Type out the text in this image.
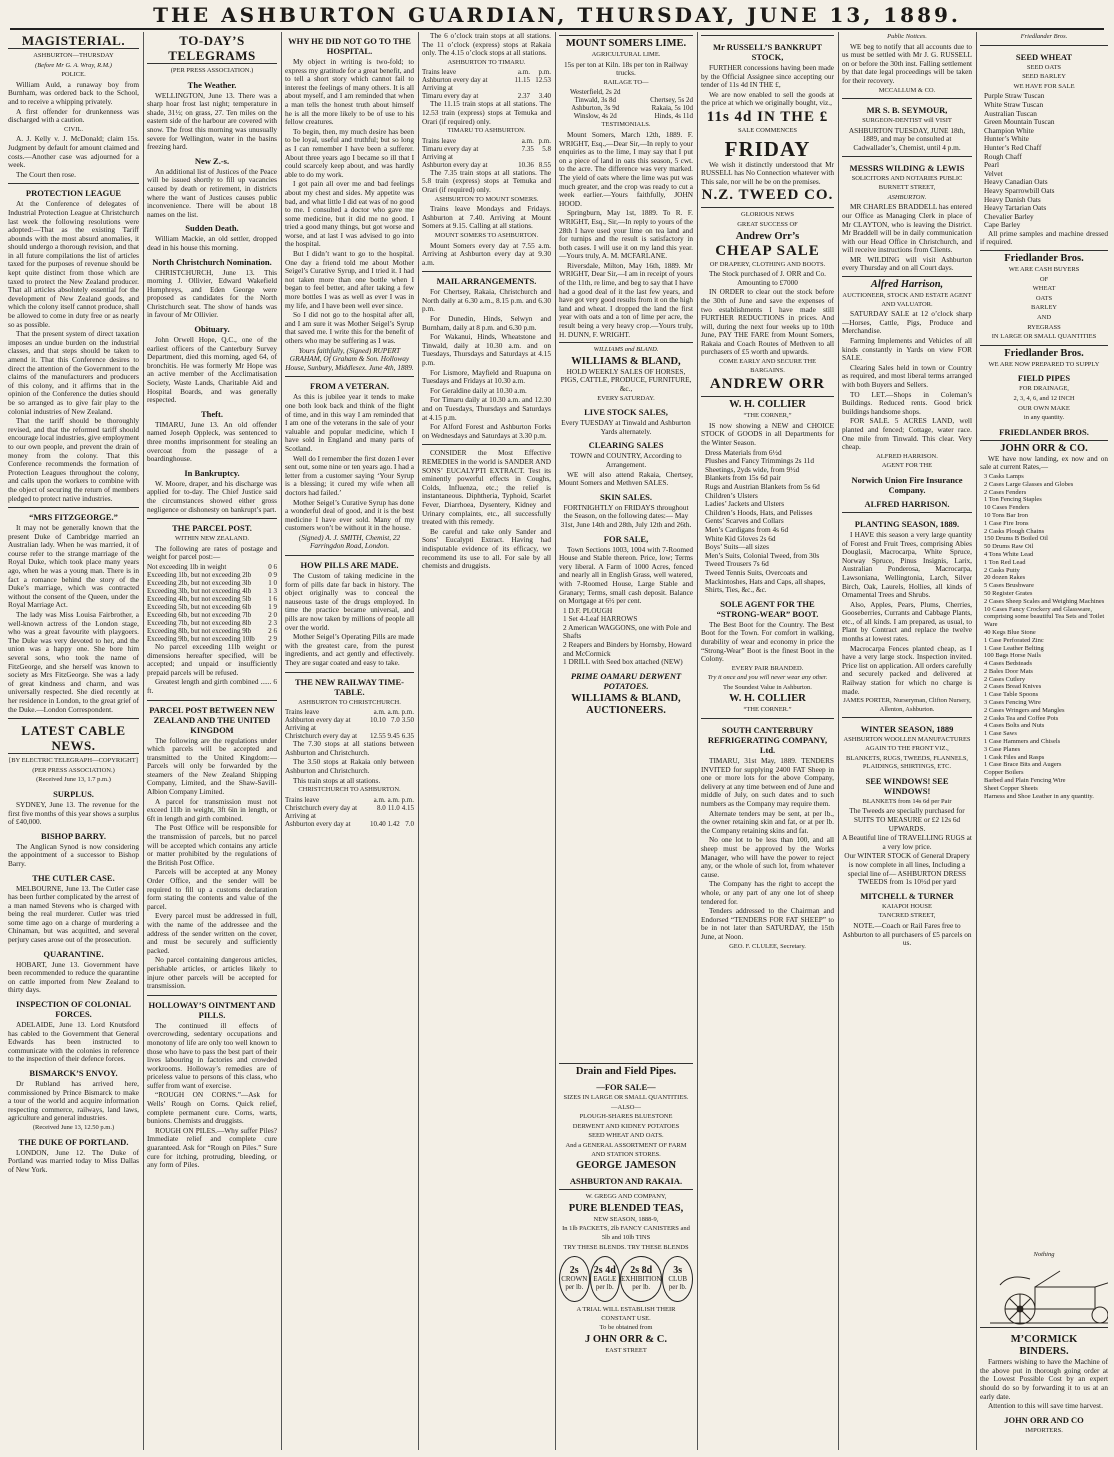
THE ASHBURTON GUARDIAN, THURSDAY, JUNE 13, 1889.
MAGISTERIAL.
ASHBURTON—THURSDAY
(Before Mr G. A. Wray, R.M.)
POLICE.

William Auld, a runaway boy from Burnham, was ordered back to the School, and to receive a whipping privately.

A first offender for drunkenness was discharged with a caution.

CIVIL.

A. J. Kelly v. J. McDonald; claim 15s. Judgment by default for amount claimed and costs.—Another case was adjourned for a week.

The Court then rose.

PROTECTION LEAGUE

At the Conference of delegates of Industrial Protection League at Christchurch last week the following resolutions were adopted:—That as the existing Tariff abounds with the most absurd anomalies, it should undergo a thorough revision, and that in all future compilations the list of articles taxed for the purposes of revenue should be kept quite distinct from those which are taxed to protect the New Zealand producer. That all articles absolutely essential for the development of New Zealand goods, and which the colony itself cannot produce, shall be allowed to come in duty free or as nearly so as possible.

That the present system of direct taxation imposes an undue burden on the industrial classes, and that steps should be taken to amend it. That this Conference desires to direct the attention of the Government to the claims of the manufacturers and producers of this colony, and it affirms that in the opinion of the Conference the duties should be so arranged as to give fair play to the colonial industries of New Zealand.

That the tariff should be thoroughly revised, and that the reformed tariff should encourage local industries, give employment to our own people, and prevent the drain of money from the colony. That this Conference recommends the formation of Protection Leagues throughout the colony, and calls upon the workers to combine with the object of securing the return of members pledged to protect native industries.

“MRS FITZGEORGE.”

It may not be generally known that the present Duke of Cambridge married an Australian lady. When he was married, it of course refer to the strange marriage of the Royal Duke, which took place many years ago, when he was a young man. There is in fact a romance behind the story of the Duke’s marriage, which was contracted without the consent of the Queen, under the Royal Marriage Act.

The lady was Miss Louisa Fairbrother, a well-known actress of the London stage, who was a great favourite with playgoers. The Duke was very devoted to her, and the union was a happy one. She bore him several sons, who took the name of FitzGeorge, and she herself was known to society as Mrs FitzGeorge. She was a lady of great kindness and charm, and was universally respected. She died recently at her residence in London, to the great grief of the Duke.—London Correspondent.

LATEST CABLE NEWS.
[BY ELECTRIC TELEGRAPH—COPYRIGHT]
(PER PRESS ASSOCIATION.)
(Received June 13, 1.7 p.m.)
SURPLUS.

SYDNEY, June 13. The revenue for the first five months of this year shows a surplus of £40,000.

BISHOP BARRY.

The Anglican Synod is now considering the appointment of a successor to Bishop Barry.

THE CUTLER CASE.

MELBOURNE, June 13. The Cutler case has been further complicated by the arrest of a man named Stevens who is charged with being the real murderer. Cutler was tried some time ago on a charge of murdering a Chinaman, but was acquitted, and several perjury cases arose out of the prosecution.

QUARANTINE.

HOBART, June 13. Government have been recommended to reduce the quarantine on cattle imported from New Zealand to thirty days.

INSPECTION OF COLONIAL FORCES.

ADELAIDE, June 13. Lord Knutsford has cabled to the Government that General Edwards has been instructed to communicate with the colonies in reference to the inspection of their defence forces.

BISMARCK’S ENVOY.

Dr Rubland has arrived here, commissioned by Prince Bismarck to make a tour of the world and acquire information respecting commerce, railways, land laws, agriculture and general industries.

(Received June 13, 12.50 p.m.)
THE DUKE OF PORTLAND.

LONDON, June 12. The Duke of Portland was married today to Miss Dallas of New York.

TO-DAY’S TELEGRAMS
(PER PRESS ASSOCIATION.)
The Weather.

WELLINGTON, June 13. There was a sharp hoar frost last night; temperature in shade, 31½; on grass, 27. Ten miles on the eastern side of the harbour are covered with snow. The frost this morning was unusually severe for Wellington, water in the basins freezing hard.

New Z.-s.

An additional list of Justices of the Peace will be issued shortly to fill up vacancies caused by death or retirement, in districts where the want of Justices causes public inconvenience. There will be about 18 names on the list.

Sudden Death.

William Mackie, an old settler, dropped dead in his house this morning.

North Christchurch Nomination.

CHRISTCHURCH, June 13. This morning J. Ollivier, Edward Wakefield Humphreys, and Eden George were proposed as candidates for the North Christchurch seat. The show of hands was in favour of Mr Ollivier.

Obituary.

John Orwell Hope, Q.C., one of the earliest officers of the Canterbury Survey Department, died this morning, aged 64, of bronchitis. He was formerly Mr Hope was an active member of the Acclimatisation Society, Waste Lands, Charitable Aid and Hospital Boards, and was generally respected.

Theft.

TIMARU, June 13. An old offender named Joseph Oppleck, was sentenced to three months imprisonment for stealing an overcoat from the passage of a boardinghouse.

In Bankruptcy.

W. Moore, draper, and his discharge was applied for to-day. The Chief Justice said the circumstances showed either gross negligence or dishonesty on bankrupt’s part.

THE PARCEL POST.
WITHIN NEW ZEALAND.

The following are rates of postage and weight for parcel post:—

Not exceeding 1lb in weight	0 6
Exceeding 1lb, but not exceeding 2lb	0 9
Exceeding 2lb, but not exceeding 3lb	1 0
Exceeding 3lb, but not exceeding 4lb	1 3
Exceeding 4lb, but not exceeding 5lb	1 6
Exceeding 5lb, but not exceeding 6lb	1 9
Exceeding 6lb, but not exceeding 7lb	2 0
Exceeding 7lb, but not exceeding 8lb	2 3
Exceeding 8lb, but not exceeding 9lb	2 6
Exceeding 9lb, but not exceeding 10lb	2 9

No parcel exceeding 11lb weight or dimensions hereafter specified, will be accepted; and unpaid or insufficiently prepaid parcels will be refused.

Greatest length and girth combined ...... 6 ft.

PARCEL POST BETWEEN NEW ZEALAND AND THE UNITED KINGDOM

The following are the regulations under which parcels will be accepted and transmitted to the United Kingdom:— Parcels will only be forwarded by the steamers of the New Zealand Shipping Company, Limited, and the Shaw-Savill-Albion Company Limited.

A parcel for transmission must not exceed 11lb in weight, 3ft 6in in length, or 6ft in length and girth combined.

The Post Office will be responsible for the transmission of parcels, but no parcel will be accepted which contains any article or matter prohibited by the regulations of the British Post Office.

Parcels will be accepted at any Money Order Office, and the sender will be required to fill up a customs declaration form stating the contents and value of the parcel.

Every parcel must be addressed in full, with the name of the addressee and the address of the sender written on the cover, and must be securely and sufficiently packed.

No parcel containing dangerous articles, perishable articles, or articles likely to injure other parcels will be accepted for transmission.

HOLLOWAY’S OINTMENT AND PILLS.

The continued ill effects of overcrowding, sedentary occupations and monotony of life are only too well known to those who have to pass the best part of their lives labouring in factories and crowded workrooms. Holloway’s remedies are of priceless value to persons of this class, who suffer from want of exercise.

“ROUGH ON CORNS.”—Ask for Wells’ Rough on Corns. Quick relief, complete permanent cure. Corns, warts, bunions. Chemists and druggists.

ROUGH ON PILES.—Why suffer Piles? Immediate relief and complete cure guaranteed. Ask for “Rough on Piles.” Sure cure for itching, protruding, bleeding, or any form of Piles.

WHY HE DID NOT GO TO THE HOSPITAL.

My object in writing is two-fold; to express my gratitude for a great benefit, and to tell a short story which cannot fail to interest the feelings of many others. It is all about myself, and I am reminded that when a man tells the honest truth about himself he is all the more likely to be of use to his fellow creatures.

To begin, then, my much desire has been to be loyal, useful and truthful; but so long as I can remember I have been a sufferer. About three years ago I became so ill that I could scarcely keep about, and was hardly able to do my work.

I got pain all over me and bad feelings about my chest and sides. My appetite was bad, and what little I did eat was of no good to me. I consulted a doctor who gave me some medicine, but it did me no good. I tried a good many things, but got worse and worse, and at last I was advised to go into the hospital.

But I didn’t want to go to the hospital. One day a friend told me about Mother Seigel’s Curative Syrup, and I tried it. I had not taken more than one bottle when I began to feel better, and after taking a few more bottles I was as well as ever I was in my life, and I have been well ever since.

So I did not go to the hospital after all, and I am sure it was Mother Seigel’s Syrup that saved me. I write this for the benefit of others who may be suffering as I was.

Yours faithfully, (Signed) RUPERT GRAHAM, Of Graham & Son. Holloway House, Sunbury, Middlesex. June 4th, 1889.

FROM A VETERAN.

As this is jubilee year it tends to make one both look back and think of the flight of time, and in this way I am reminded that I am one of the veterans in the sale of your valuable and popular medicine, which I have sold in England and many parts of Scotland.

Well do I remember the first dozen I ever sent out, some nine or ten years ago. I had a letter from a customer saying ‘Your Syrup is a blessing; it cured my wife when all doctors had failed.’

Mother Seigel’s Curative Syrup has done a wonderful deal of good, and it is the best medicine I have ever sold. Many of my customers won’t be without it in the house.

(Signed) A. J. SMITH, Chemist, 22 Farringdon Road, London.

HOW PILLS ARE MADE.

The Custom of taking medicine in the form of pills date far back in history. The object originally was to conceal the nauseous taste of the drugs employed. In time the practice became universal, and pills are now taken by millions of people all over the world.

Mother Seigel’s Operating Pills are made with the greatest care, from the purest ingredients, and act gently and effectively. They are sugar coated and easy to take.

THE NEW RAILWAY TIME-TABLE.
ASHBURTON TO CHRISTCHURCH.
Trains leave	a.m.	a.m.	p.m.
Ashburton every day at	10.10	7.0	3.50
Arriving at			
Christchurch every day at	12.55	9.45	6.35

The 7.30 stops at all stations between Ashburton and Christchurch.

The 3.50 stops at Rakaia only between Ashburton and Christchurch.

This train stops at all stations.

CHRISTCHURCH TO ASHBURTON.
Trains leave	a.m.	a.m.	p.m.
Christchurch every day at	8.0	11.0	4.15
Arriving at			
Ashburton every day at	10.40	1.42	7.0

The 6 o’clock train stops at all stations. The 11 o’clock (express) stops at Rakaia only. The 4.15 o’clock stops at all stations.

ASHBURTON TO TIMARU.
Trains leave	a.m.	p.m.
Ashburton every day at	11.15	12.53
Arriving at		
Timaru every day at	2.37	3.40

The 11.15 train stops at all stations. The 12.53 train (express) stops at Temuka and Orari (if required) only.

TIMARU TO ASHBURTON.
Trains leave	a.m.	p.m.
Timaru every day at	7.35	5.8
Arriving at		
Ashburton every day at	10.36	8.55

The 7.35 train stops at all stations. The 5.8 train (express) stops at Temuka and Orari (if required) only.

ASHBURTON TO MOUNT SOMERS.

Trains leave Mondays and Fridays. Ashburton at 7.40. Arriving at Mount Somers at 9.15. Calling at all stations.

MOUNT SOMERS TO ASHBURTON.

Mount Somers every day at 7.55 a.m. Arriving at Ashburton every day at 9.30 a.m.

MAIL ARRANGEMENTS.

For Chertsey, Rakaia, Christchurch and North daily at 6.30 a.m., 8.15 p.m. and 6.30 p.m.

For Dunedin, Hinds, Selwyn and Burnham, daily at 8 p.m. and 6.30 p.m.

For Wakanui, Hinds, Wheatstone and Tinwald, daily at 10.30 a.m. and on Tuesdays, Thursdays and Saturdays at 4.15 p.m.

For Lismore, Mayfield and Ruapuna on Tuesdays and Fridays at 10.30 a.m.

For Geraldine daily at 10.30 a.m.

For Timaru daily at 10.30 a.m. and 12.30 and on Tuesdays, Thursdays and Saturdays at 4.15 p.m.

For Alford Forest and Ashburton Forks on Wednesdays and Saturdays at 3.30 p.m.

CONSIDER the Most Effective REMEDIES in the world is SANDER AND SONS’ EUCALYPTI EXTRACT. Test its eminently powerful effects in Coughs, Colds, Influenza, etc.; the relief is instantaneous. Diphtheria, Typhoid, Scarlet Fever, Diarrhoea, Dysentery, Kidney and Urinary complaints, etc., all successfully treated with this remedy.

Be careful and take only Sander and Sons’ Eucalypti Extract. Having had indisputable evidence of its efficacy, we recommend its use to all. For sale by all chemists and druggists.

MOUNT SOMERS LIME.
AGRICULTURAL LIME.

15s per ton at Kiln. 18s per ton in Railway trucks.

RAILAGE TO—
Westerfield, 2s 2d	
Tinwald, 3s 8d	Chertsey, 5s 2d
Ashburton, 3s 9d	Rakaia, 5s 10d
Winslow, 4s 2d	Hinds, 4s 11d
TESTIMONIALS.

Mount Somers, March 12th, 1889. F. WRIGHT, Esq.,—Dear Sir,—In reply to your enquiries as to the lime, I may say that I put on a piece of land in oats this season, 5 cwt. to the acre. The difference was very marked. The yield of oats where the lime was put was much greater, and the crop was ready to cut a week earlier.—Yours faithfully, JOHN HOOD.

Springburn, May 1st, 1889. To R. F. WRIGHT, Esq., Sir,—In reply to yours of the 28th I have used your lime on tea land and for turnips and the result is satisfactory in both cases. I will use it on my land this year.—Yours truly, A. M. MCFARLANE.

Riversdale, Milton, May 16th, 1889. Mr WRIGHT, Dear Sir,—I am in receipt of yours of the 11th, re lime, and beg to say that I have had a good deal of it the last few years, and have got very good results from it on the high land and wheat. I dropped the land the first year with oats and a ton of lime per acre, the result being a very heavy crop.—Yours truly, H. DUNN, F. WRIGHT.

WILLIAMS and BLAND.
WILLIAMS & BLAND,

HOLD WEEKLY SALES OF HORSES, PIGS, CATTLE, PRODUCE, FURNITURE, &c.,

EVERY SATURDAY.
LIVE STOCK SALES,

Every TUESDAY at Tinwald and Ashburton Yards alternately.

CLEARING SALES

TOWN and COUNTRY, According to Arrangement.

WE will also attend Rakaia, Chertsey, Mount Somers and Methven SALES.

SKIN SALES.

FORTNIGHTLY on FRIDAYS throughout the Season, on the following dates:— May 31st, June 14th and 28th, July 12th and 26th.

FOR SALE,

Town Sections 1003, 1004 with 7-Roomed House and Stable thereon. Price, low; Terms very liberal. A Farm of 1000 Acres, fenced and nearly all in English Grass, well watered, with 7-Roomed House, Large Stable and Granary; Terms, small cash deposit. Balance on Mortgage at 6½ per cent.

1 D.F. PLOUGH
1 Set 4-Leaf HARROWS
2 American WAGGONS, one with Pole and Shafts
2 Reapers and Binders by Hornsby, Howard and McCormick
1 DRILL with Seed box attached (NEW)
PRIME OAMARU DERWENT POTATOES.
WILLIAMS & BLAND, AUCTIONEERS.
Mr RUSSELL’S BANKRUPT STOCK,

FURTHER concessions having been made by the Official Assignee since accepting our tender of 11s 4d IN THE £,

We are now enabled to sell the goods at the price at which we originally bought, viz.,

11s 4d IN THE £
SALE COMMENCES
FRIDAY

We wish it distinctly understood that Mr RUSSELL has No Connection whatever with This sale, nor will he be on the premises.

N.Z. TWEED CO.
GLORIOUS NEWS
GREAT SUCCESS OF
Andrew Orr’s
CHEAP SALE
OF DRAPERY, CLOTHING AND BOOTS.

The Stock purchased of J. ORR and Co. Amounting to £7000

IN ORDER to clear out the stock before the 30th of June and save the expenses of two establishments I have made still FURTHER REDUCTIONS in prices. And will, during the next four weeks up to 10th June, PAY THE FARE from Mount Somers, Rakaia and Coach Routes of Methven to all purchasers of £5 worth and upwards.

COME EARLY AND SECURE THE BARGAINS.
ANDREW ORR
W. H. COLLIER
“THE CORNER,”

IS now showing a NEW and CHOICE STOCK of GOODS in all Departments for the Winter Season.

Dress Materials from 6½d
Plushes and Fancy Trimmings 2s 11d
Sheetings, 2yds wide, from 9½d
Blankets from 15s 6d pair
Rugs and Austrian Blankets from 5s 6d
Children’s Ulsters
Ladies’ Jackets and Ulsters
Children’s Hoods, Hats, and Pelisses
Gents’ Scarves and Collars
Men’s Cardigans from 4s 6d
White Kid Gloves 2s 6d
Boys’ Suits—all sizes
Men’s Suits, Colonial Tweed, from 30s
Tweed Trousers 7s 6d
Tweed Tennis Suits, Overcoats and Mackintoshes, Hats and Caps, all shapes, Shirts, Ties, &c., &c.
SOLE AGENT FOR THE “STRONG-WEAR” BOOT.

The Best Boot for the Country. The Best Boot for the Town. For comfort in walking, durability of wear and economy in price the “Strong-Wear” Boot is the finest Boot in the Colony.

EVERY PAIR BRANDED.
Try it once and you will never wear any other.
The Soundest Value in Ashburton.
W. H. COLLIER
“THE CORNER.”
SOUTH CANTERBURY REFRIGERATING COMPANY, Ltd.

TIMARU, 31st May, 1889. TENDERS INVITED for supplying 2400 FAT Sheep in one or more lots for the above Company, delivery at any time between end of June and middle of July, on such dates and to such numbers as the Company may require them.

Alternate tenders may be sent, at per lb., the owner retaining skin and fat, or at per lb. the Company retaining skins and fat.

No one lot to be less than 100, and all sheep must be approved by the Works Manager, who will have the power to reject any, or the whole of such lot, from whatever cause.

The Company has the right to accept the whole, or any part of any one lot of sheep tendered for.

Tenders addressed to the Chairman and Endorsed “TENDERS FOR FAT SHEEP” to be in not later than SATURDAY, the 15th June, at Noon.

GEO. F. CLULEE, Secretary.
Public Notices.

WE beg to notify that all accounts due to us must be settled with Mr J. G. RUSSELL on or before the 30th inst. Falling settlement by that date legal proceedings will be taken for their recovery.

MCCALLUM & CO.
MR S. B. SEYMOUR,
SURGEON-DENTIST will VISIT

ASHBURTON TUESDAY, JUNE 18th, 1889, and may be consulted at Cadwallader’s, Chemist, until 4 p.m.

MESSRS WILDING & LEWIS
SOLICITORS AND NOTARIES PUBLIC
BURNETT STREET,
ASHBURTON.

MR CHARLES BRADDELL has entered our Office as Managing Clerk in place of Mr CLAYTON, who is leaving the District. Mr Braddell will be in daily communication with our Head Office in Christchurch, and will receive instructions from Clients.

MR WILDING will visit Ashburton every Thursday and on all Court days.

Alfred Harrison,
AUCTIONEER, STOCK AND ESTATE AGENT AND VALUATOR.

SATURDAY SALE at 12 o’clock sharp —Horses, Cattle, Pigs, Produce and Merchandise.

Farming Implements and Vehicles of all kinds constantly in Yards on view FOR SALE.

Clearing Sales held in town or Country as required, and most liberal terms arranged with both Buyers and Sellers.

TO LET.—Shops in Coleman’s Buildings. Reduced rents. Good brick buildings handsome shops.

FOR SALE. 5 ACRES LAND, well planted and fenced; Cottage, water race. One mile from Tinwald. This clear. Very cheap.

ALFRED HARRISON.
AGENT FOR THE
Norwich Union Fire Insurance Company.
ALFRED HARRISON.
PLANTING SEASON, 1889.

I HAVE this season a very large quantity of Forest and Fruit Trees, comprising Abies Douglasii, Macrocarpa, White Spruce, Norway Spruce, Pinus Insignis, Larix, Australian Ponderosa, Macrocarpa, Lawsoniana, Wellingtonia, Larch, Silver Birch, Oak, Laurels, Hollies, all kinds of Ornamental Trees and Shrubs.

Also, Apples, Pears, Plums, Cherries, Gooseberries, Currants and Cabbage Plants, etc., of all kinds. I am prepared, as usual, to Plant by Contract and replace the twelve months at lowest rates.

Macrocarpa Fences planted cheap, as I have a very large stock. Inspection invited. Price list on application. All orders carefully and securely packed and delivered at Railway station for which no charge is made.

JAMES PORTER, Nurseryman, Clifton Nursery, Allenton, Ashburton.
WINTER SEASON, 1889
ASHBURTON WOOLLEN MANUFACTURES AGAIN TO THE FRONT VIZ.,
BLANKETS, RUGS, TWEEDS, FLANNELS, PLAIDINGS, SHIRTINGS, ETC.
SEE WINDOWS! SEE WINDOWS!
BLANKETS from 14s 6d per Pair

The Tweeds are specially purchased for SUITS TO MEASURE or £2 12s 6d UPWARDS.

A Beautiful line of TRAVELLING RUGS at a very low price.

Our WINTER STOCK of General Drapery is now complete in all lines, Including a special line of— ASHBURTON DRESS TWEEDS from 1s 10½d per yard

MITCHELL & TURNER
KAIAPOI HOUSE
TANCRED STREET,

NOTE.—Coach or Rail Fares free to Ashburton to all purchasers of £5 parcels on us.

Friedlander Bros.
SEED WHEAT
SEED OATS
SEED BARLEY
WE HAVE FOR SALE
Purple Straw Tuscan
White Straw Tuscan
Australian Tuscan
Green Mountain Tuscan
Champion White
Hunter’s White
Hunter’s Red Chaff
Rough Chaff
Pearl
Velvet
Heavy Canadian Oats
Heavy Sparrowbill Oats
Heavy Danish Oats
Heavy Tartarian Oats
Chevalier Barley
Cape Barley

All prime samples and machine dressed if required.

Friedlander Bros.
WE ARE CASH BUYERS
OF
WHEAT
OATS
BARLEY
AND
RYEGRASS
IN LARGE OR SMALL QUANTITIES
Friedlander Bros.
WE ARE NOW PREPARED TO SUPPLY
FIELD PIPES
FOR DRAINAGE,
2, 3, 4, 6, and 12 INCH
OUR OWN MAKE
in any quantity.
FRIEDLANDER BROS.
JOHN ORR & CO.

WE have now landing, ex now and on sale at current Rates,—

3 Casks Lamps
2 Cases Large Glasses and Globes
2 Cases Fenders
1 Ton Fencing Staples
10 Cases Fenders
10 Tons Bar Iron
1 Case Fire Irons
2 Casks Plough Chains
150 Drums B Boiled Oil
50 Drums Raw Oil
4 Tons White Lead
1 Ton Red Lead
2 Casks Putty
20 dozen Rakes
5 Cases Brushware
50 Register Grates
2 Cases Sheep Scales and Weighing Machines
10 Cases Fancy Crockery and Glassware, comprising some beautiful Tea Sets and Toilet Ware
40 Kegs Blue Stone
1 Case Perforated Zinc
1 Case Leather Belting
100 Bags Horse Nails
4 Cases Bedsteads
2 Bales Door Mats
2 Cases Cutlery
2 Cases Bread Knives
1 Case Table Spoons
3 Cases Fencing Wire
2 Cases Wringers and Mangles
2 Casks Tea and Coffee Pots
4 Cases Bolts and Nuts
1 Case Saws
1 Case Hammers and Chisels
3 Case Planes
1 Cask Files and Rasps
1 Case Brace Bits and Augers
Copper Boilers
Barbed and Plain Fencing Wire
Sheet Copper Sheets
Harness and Shoe Leather in any quantity.
Drain and Field Pipes.
—FOR SALE—
SIZES IN LARGE OR SMALL QUANTITIES.
—ALSO—
PLOUGH-SHARES BLUESTONE
DERWENT AND KIDNEY POTATOES
SEED WHEAT AND OATS.
And a GENERAL ASSORTMENT OF FARM AND STATION STORES.
GEORGE JAMESON
ASHBURTON AND RAKAIA.
W. GREGG AND COMPANY,
PURE BLENDED TEAS,
NEW SEASON, 1888-9,
In 1lb PACKETS, 2lb FANCY CANISTERS and 5lb and 10lb TINS
TRY THESE BLENDS. TRY THESE BLENDS
2s
CROWN
per lb.
2s 4d
EAGLE
per lb.
2s 8d
EXHIBITION
per lb.
3s
CLUB
per lb.
A TRIAL WILL ESTABLISH THEIR CONSTANT USE.
To be obtained from
J OHN ORR & C.
EAST STREET
Nothing
M’CORMICK
BINDERS.

Farmers wishing to have the Machine of the above put in thorough going order at the Lowest Possible Cost by an expert should do so by forwarding it to us at an early date.

Attention to this will save time harvest.

JOHN ORR AND CO
IMPORTERS.
